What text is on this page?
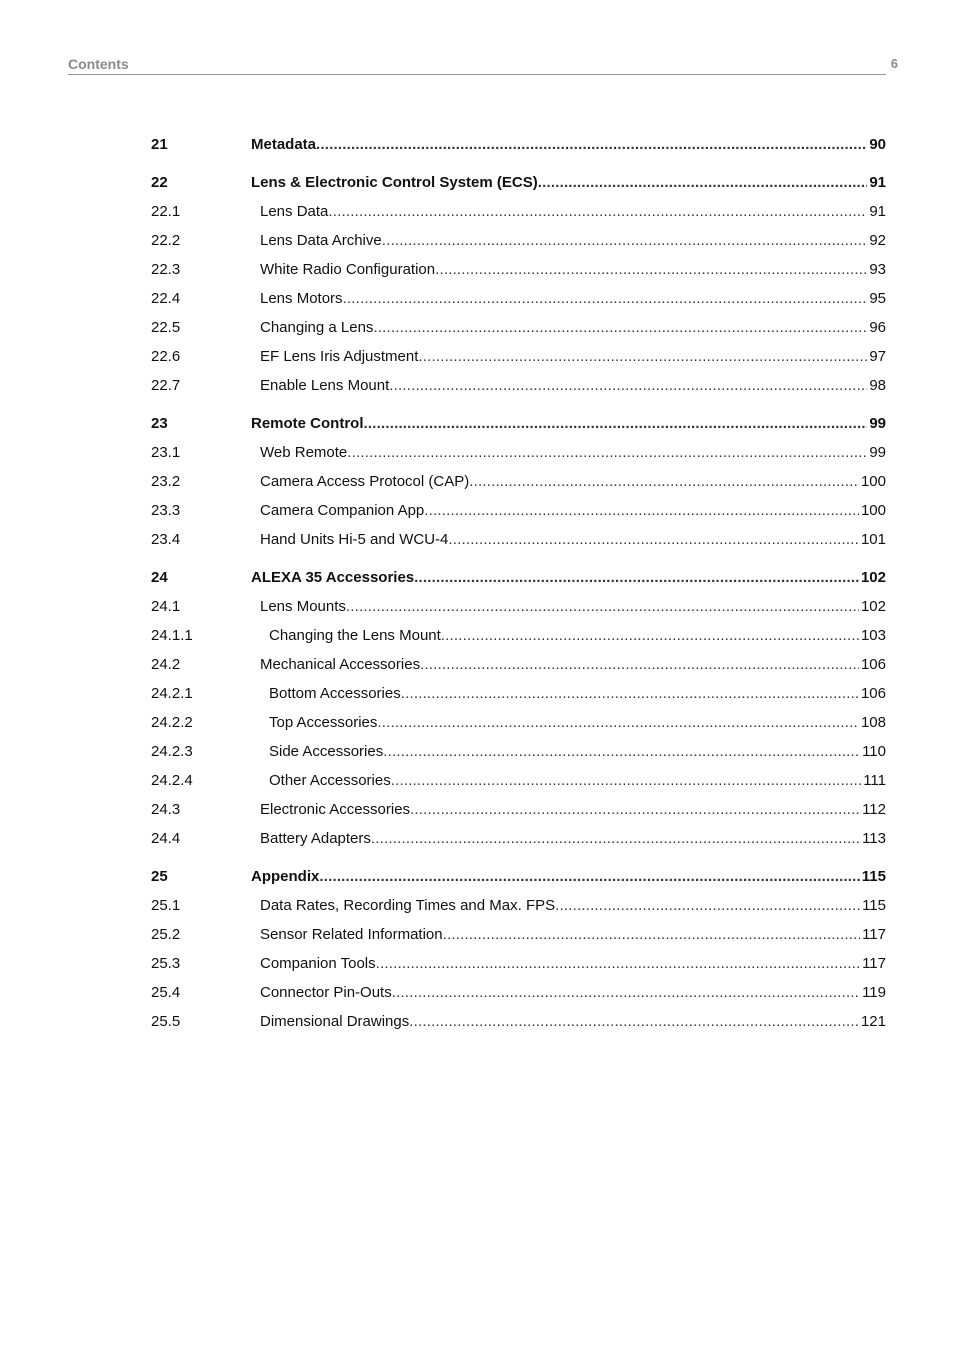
Contents	6
21	Metadata .....	90
22	Lens & Electronic Control System (ECS) .....	91
22.1	Lens Data .....	91
22.2	Lens Data Archive .....	92
22.3	White Radio Configuration .....	93
22.4	Lens Motors .....	95
22.5	Changing a Lens .....	96
22.6	EF Lens Iris Adjustment .....	97
22.7	Enable Lens Mount .....	98
23	Remote Control .....	99
23.1	Web Remote .....	99
23.2	Camera Access Protocol (CAP) .....	100
23.3	Camera Companion App .....	100
23.4	Hand Units Hi-5 and WCU-4 .....	101
24	ALEXA 35 Accessories .....	102
24.1	Lens Mounts .....	102
24.1.1	Changing the Lens Mount .....	103
24.2	Mechanical Accessories .....	106
24.2.1	Bottom Accessories .....	106
24.2.2	Top Accessories .....	108
24.2.3	Side Accessories .....	110
24.2.4	Other Accessories .....	111
24.3	Electronic Accessories .....	112
24.4	Battery Adapters .....	113
25	Appendix .....	115
25.1	Data Rates, Recording Times and Max. FPS .....	115
25.2	Sensor Related Information .....	117
25.3	Companion Tools .....	117
25.4	Connector Pin-Outs .....	119
25.5	Dimensional Drawings .....	121
